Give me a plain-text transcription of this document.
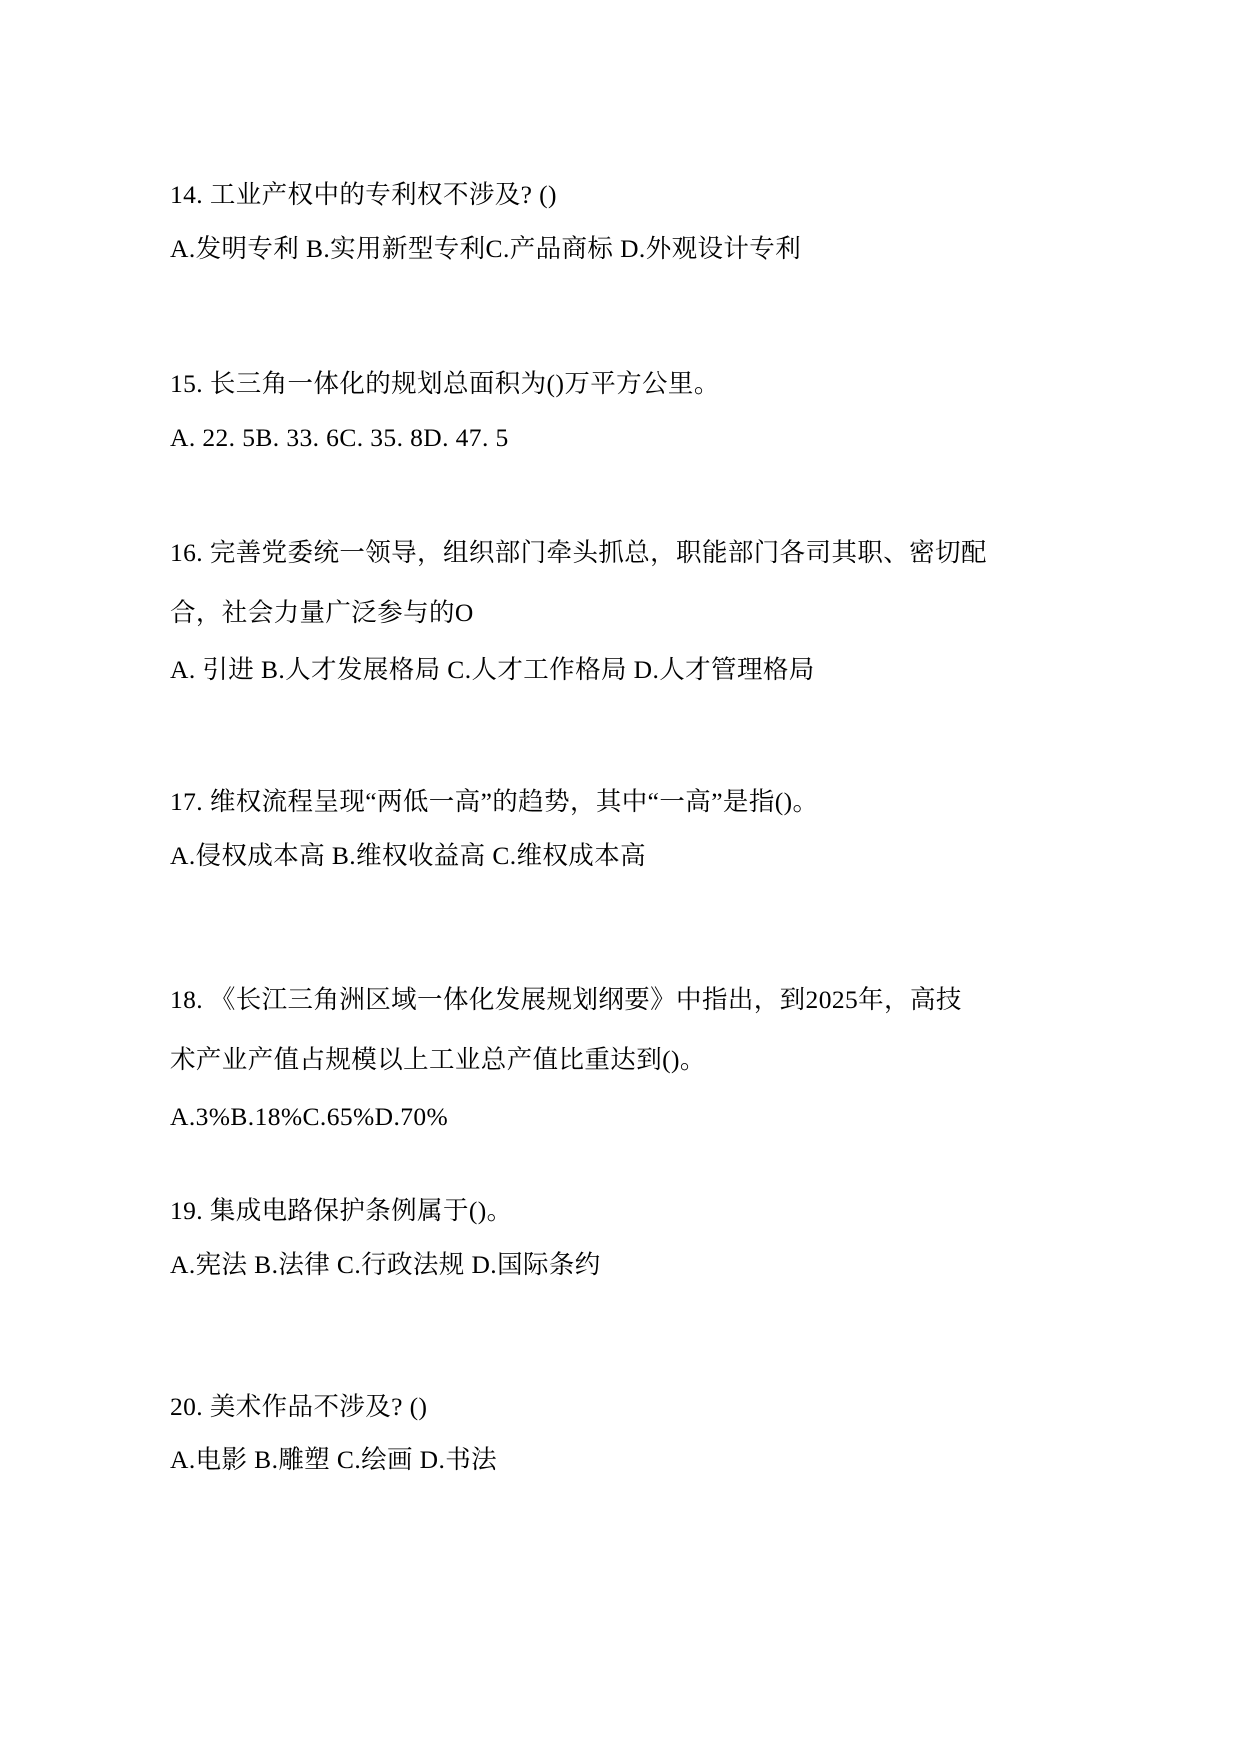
14. 工业产权中的专利权不涉及? ()

A.发明专利 B.实用新型专利C.产品商标 D.外观设计专利

15. 长三角一体化的规划总面积为()万平方公里。

A. 22. 5B. 33. 6C. 35. 8D. 47. 5

16. 完善党委统一领导，组织部门牵头抓总，职能部门各司其职、密切配

合，社会力量广泛参与的O

A. 引进 B.人才发展格局 C.人才工作格局 D.人才管理格局

17. 维权流程呈现“两低一高”的趋势，其中“一高”是指()。

A.侵权成本高 B.维权收益高 C.维权成本高

18. 《长江三角洲区域一体化发展规划纲要》中指出，到2025年，高技

术产业产值占规模以上工业总产值比重达到()。

A.3%B.18%C.65%D.70%

19. 集成电路保护条例属于()。

A.宪法 B.法律 C.行政法规 D.国际条约

20. 美术作品不涉及? ()

A.电影 B.雕塑 C.绘画 D.书法
